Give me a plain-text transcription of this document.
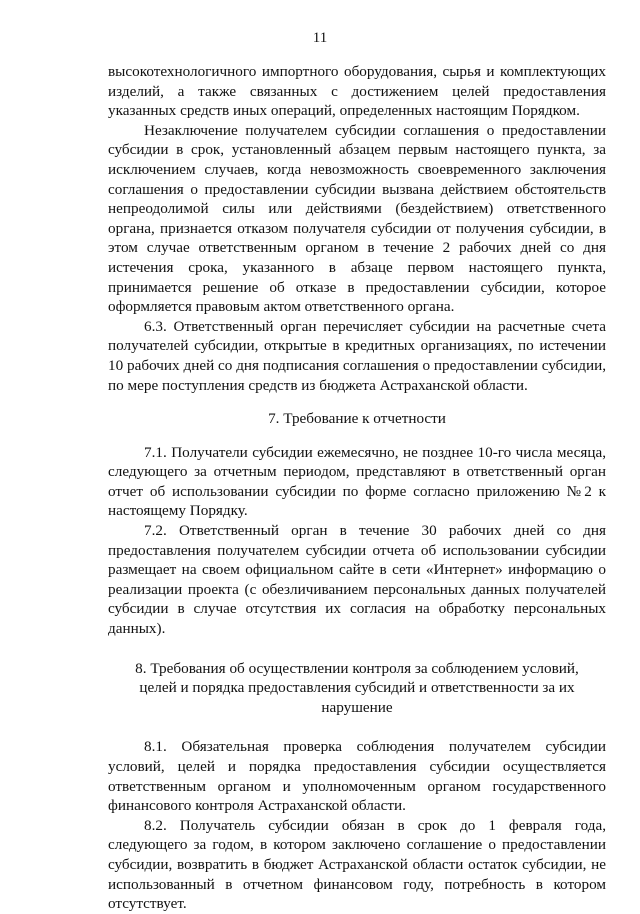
11

высокотехнологичного импортного оборудования, сырья и комплектующих изделий, а также связанных с достижением целей предоставления указанных средств иных операций, определенных настоящим Порядком.

Незаключение получателем субсидии соглашения о предоставлении субсидии в срок, установленный абзацем первым настоящего пункта, за исключением случаев, когда невозможность своевременного заключения соглашения о предоставлении субсидии вызвана действием обстоятельств непреодолимой силы или действиями (бездействием) ответственного органа, признается отказом получателя субсидии от получения субсидии, в этом случае ответственным органом в течение 2 рабочих дней со дня истечения срока, указанного в абзаце первом настоящего пункта, принимается решение об отказе в предоставлении субсидии, которое оформляется правовым актом ответственного органа.

6.3. Ответственный орган перечисляет субсидии на расчетные счета получателей субсидии, открытые в кредитных организациях, по истечении 10 рабочих дней со дня подписания соглашения о предоставлении субсидии, по мере поступления средств из бюджета Астраханской области.

7. Требование к отчетности

7.1. Получатели субсидии ежемесячно, не позднее 10-го числа месяца, следующего за отчетным периодом, представляют в ответственный орган отчет об использовании субсидии по форме согласно приложению №2 к настоящему Порядку.

7.2. Ответственный орган в течение 30 рабочих дней со дня предоставления получателем субсидии отчета об использовании субсидии размещает на своем официальном сайте в сети «Интернет» информацию о реализации проекта (с обезличиванием персональных данных получателей субсидии в случае отсутствия их согласия на обработку персональных данных).

8. Требования об осуществлении контроля за соблюдением условий,
целей и порядка предоставления субсидий и ответственности за их
нарушение

8.1. Обязательная проверка соблюдения получателем субсидии условий, целей и порядка предоставления субсидии осуществляется ответственным органом и уполномоченным органом государственного финансового контроля Астраханской области.

8.2. Получатель субсидии обязан в срок до 1 февраля года, следующего за годом, в котором заключено соглашение о предоставлении субсидии, возвратить в бюджет Астраханской области остаток субсидии, не использованный в отчетном финансовом году, потребность в котором отсутствует.
